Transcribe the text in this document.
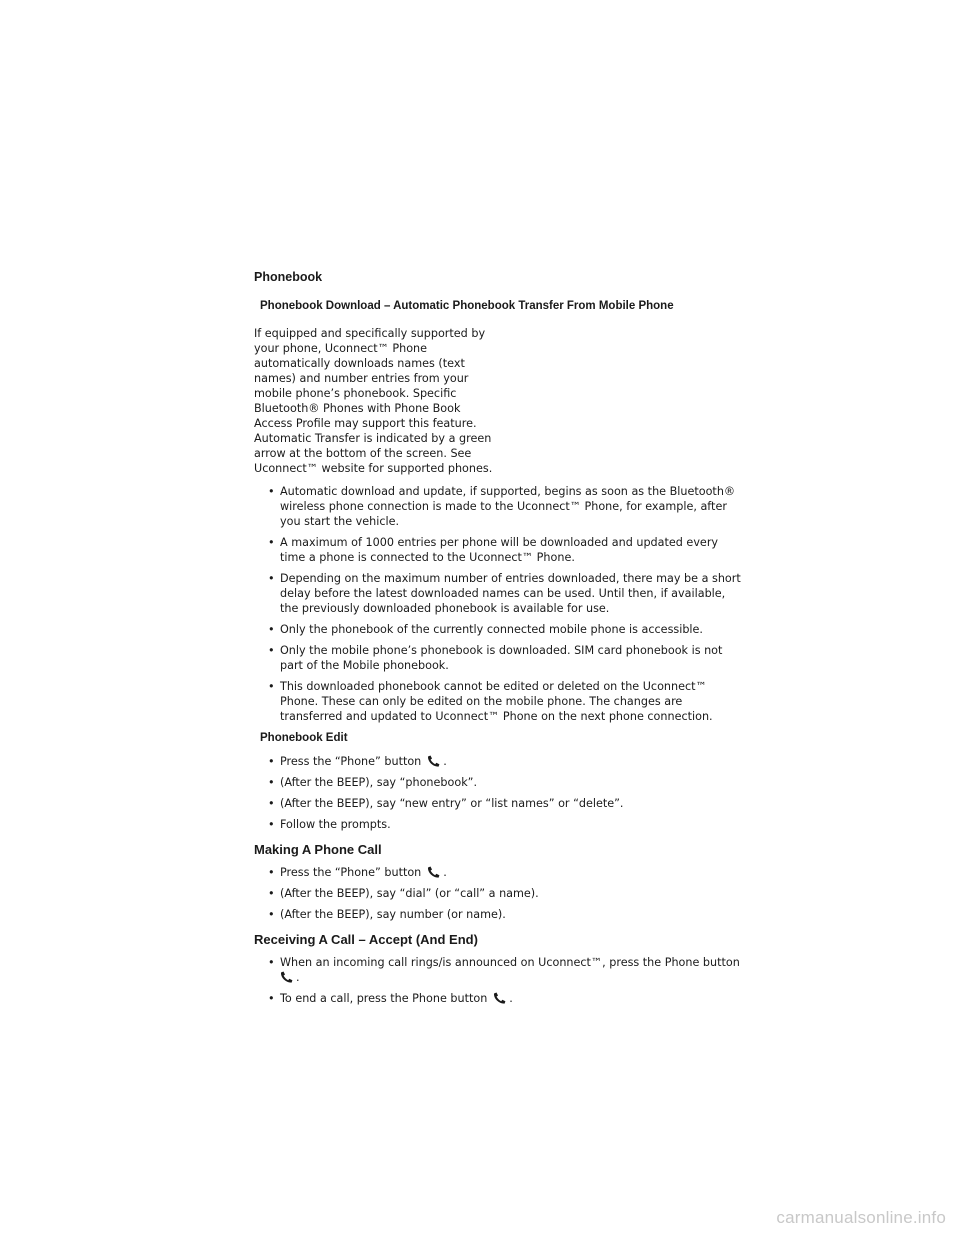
Phonebook
Phonebook Download – Automatic Phonebook Transfer From Mobile Phone

If equipped and specifically supported by your phone, Uconnect™ Phone automatically downloads names (text names) and number entries from your mobile phone’s phonebook. Specific Bluetooth® Phones with Phone Book Access Profile may support this feature. Automatic Transfer is indicated by a green arrow at the bottom of the screen. See Uconnect™ website for supported phones.

• Automatic download and update, if supported, begins as soon as the Bluetooth® wireless phone connection is made to the Uconnect™ Phone, for example, after you start the vehicle.
• A maximum of 1000 entries per phone will be downloaded and updated every time a phone is connected to the Uconnect™ Phone.
• Depending on the maximum number of entries downloaded, there may be a short delay before the latest downloaded names can be used. Until then, if available, the previously downloaded phonebook is available for use.
• Only the phonebook of the currently connected mobile phone is accessible.
• Only the mobile phone’s phonebook is downloaded. SIM card phonebook is not part of the Mobile phonebook.
• This downloaded phonebook cannot be edited or deleted on the Uconnect™ Phone. These can only be edited on the mobile phone. The changes are transferred and updated to Uconnect™ Phone on the next phone connection.
Phonebook Edit
• Press the “Phone” button .
• (After the BEEP), say “phonebook”.
• (After the BEEP), say “new entry” or “list names” or “delete”.
• Follow the prompts.
Making A Phone Call
• Press the “Phone” button .
• (After the BEEP), say “dial” (or “call” a name).
• (After the BEEP), say number (or name).
Receiving A Call – Accept (And End)
• When an incoming call rings/is announced on Uconnect™, press the Phone button
.
• To end a call, press the Phone button .
carmanualsonline.info
